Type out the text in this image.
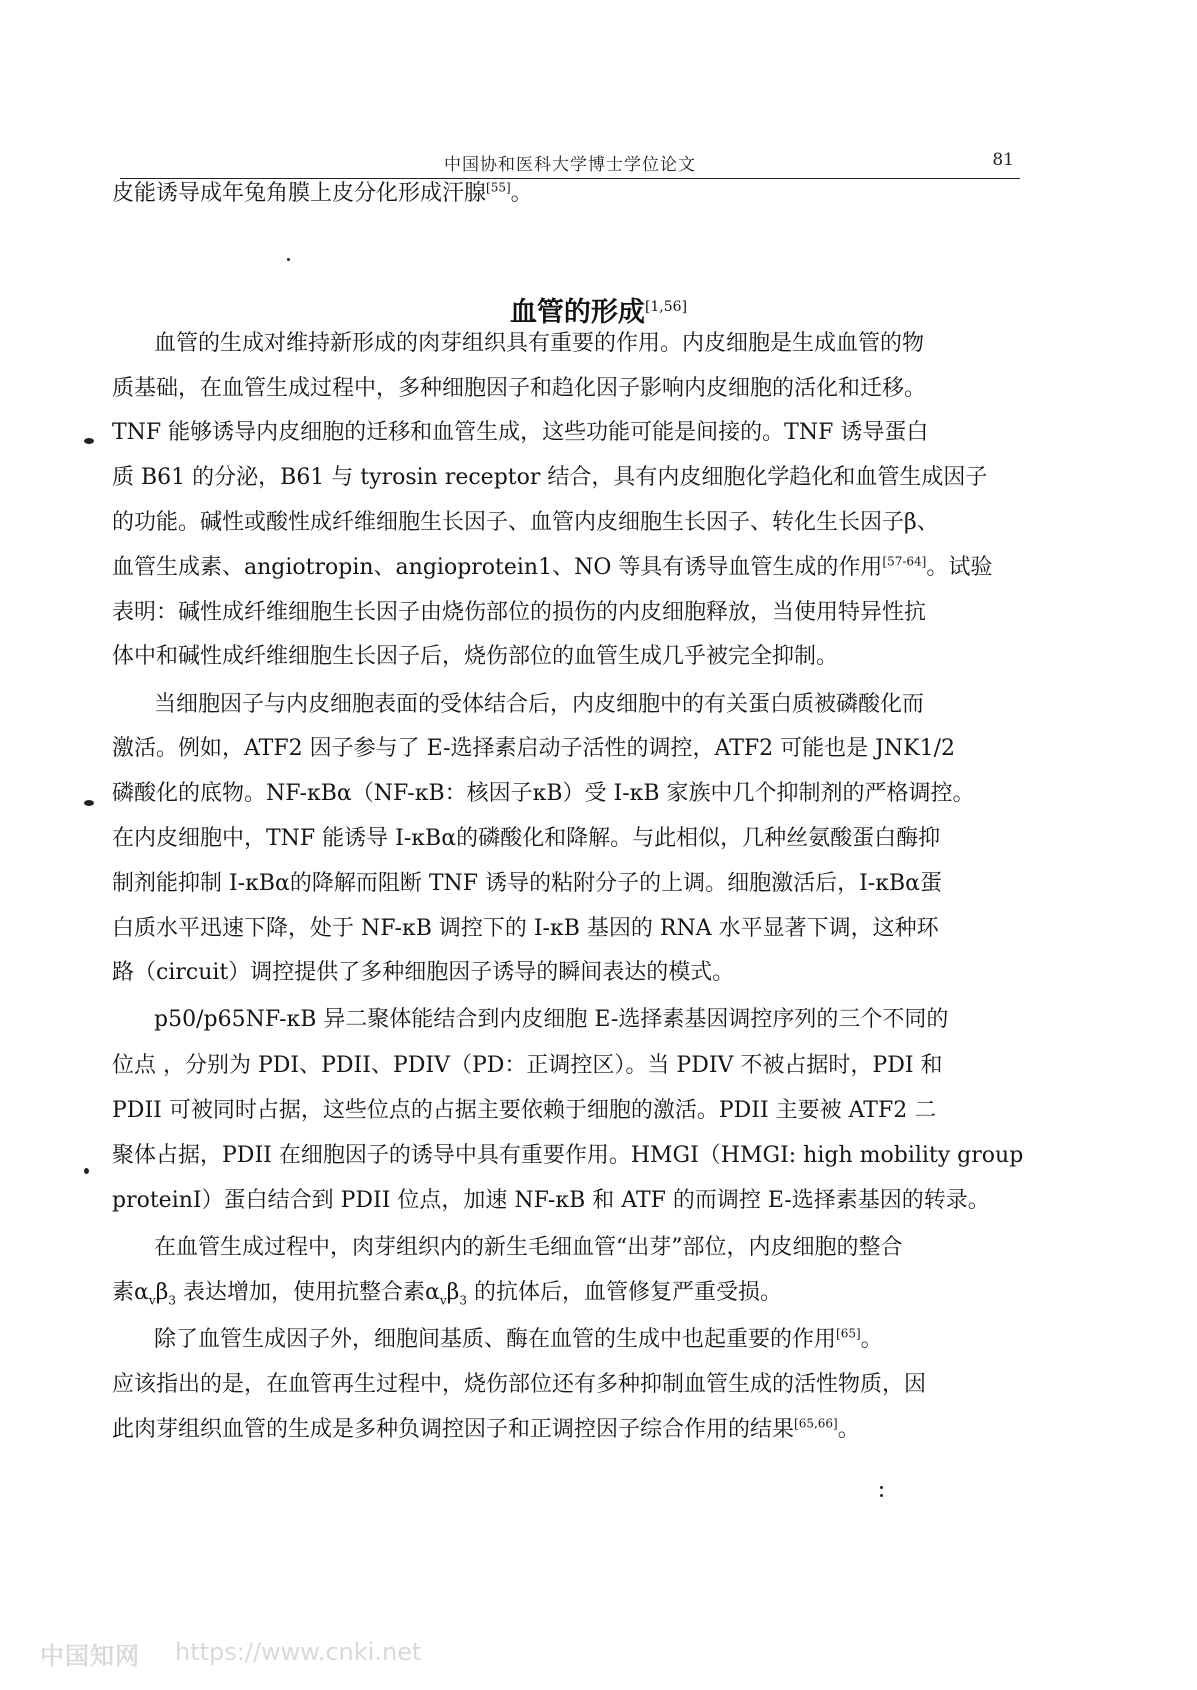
中国协和医科大学博士学位论文	81
皮能诱导成年兔角膜上皮分化形成汗腺[55]。
血管的形成[1,56]
血管的生成对维持新形成的肉芽组织具有重要的作用。内皮细胞是生成血管的物
质基础，在血管生成过程中，多种细胞因子和趋化因子影响内皮细胞的活化和迁移。
TNF 能够诱导内皮细胞的迁移和血管生成，这些功能可能是间接的。TNF 诱导蛋白
质 B61 的分泌，B61 与 tyrosin receptor 结合，具有内皮细胞化学趋化和血管生成因子
的功能。碱性或酸性成纤维细胞生长因子、血管内皮细胞生长因子、转化生长因子β、
血管生成素、angiotropin、angioprotein1、NO 等具有诱导血管生成的作用[57-64]。试验
表明：碱性成纤维细胞生长因子由烧伤部位的损伤的内皮细胞释放，当使用特异性抗
体中和碱性成纤维细胞生长因子后，烧伤部位的血管生成几乎被完全抑制。
当细胞因子与内皮细胞表面的受体结合后，内皮细胞中的有关蛋白质被磷酸化而
激活。例如，ATF2 因子参与了 E-选择素启动子活性的调控，ATF2 可能也是 JNK1/2
磷酸化的底物。NF-κBα（NF-κB：核因子κB）受 I-κB 家族中几个抑制剂的严格调控。
在内皮细胞中，TNF 能诱导 I-κBα的磷酸化和降解。与此相似，几种丝氨酸蛋白酶抑
制剂能抑制 I-κBα的降解而阻断 TNF 诱导的粘附分子的上调。细胞激活后，I-κBα蛋
白质水平迅速下降，处于 NF-κB 调控下的 I-κB 基因的 RNA 水平显著下调，这种环
路（circuit）调控提供了多种细胞因子诱导的瞬间表达的模式。
p50/p65NF-κB 异二聚体能结合到内皮细胞 E-选择素基因调控序列的三个不同的
位点 ，分别为 PDI、PDII、PDIV（PD：正调控区）。当 PDIV 不被占据时，PDI 和
PDII 可被同时占据，这些位点的占据主要依赖于细胞的激活。PDII 主要被 ATF2 二
聚体占据，PDII 在细胞因子的诱导中具有重要作用。HMGI（HMGI: high mobility group
proteinI）蛋白结合到 PDII 位点，加速 NF-κB 和 ATF 的而调控 E-选择素基因的转录。
在血管生成过程中，肉芽组织内的新生毛细血管“出芽”部位，内皮细胞的整合
素$\alpha_v\beta_3$ 表达增加，使用抗整合素$\alpha_v\beta_3$ 的抗体后，血管修复严重受损。
除了血管生成因子外，细胞间基质、酶在血管的生成中也起重要的作用[65]。
应该指出的是，在血管再生过程中，烧伤部位还有多种抑制血管生成的活性物质，因
此肉芽组织血管的生成是多种负调控因子和正调控因子综合作用的结果[65,66]。
中国知网 https://www.cnki.net
